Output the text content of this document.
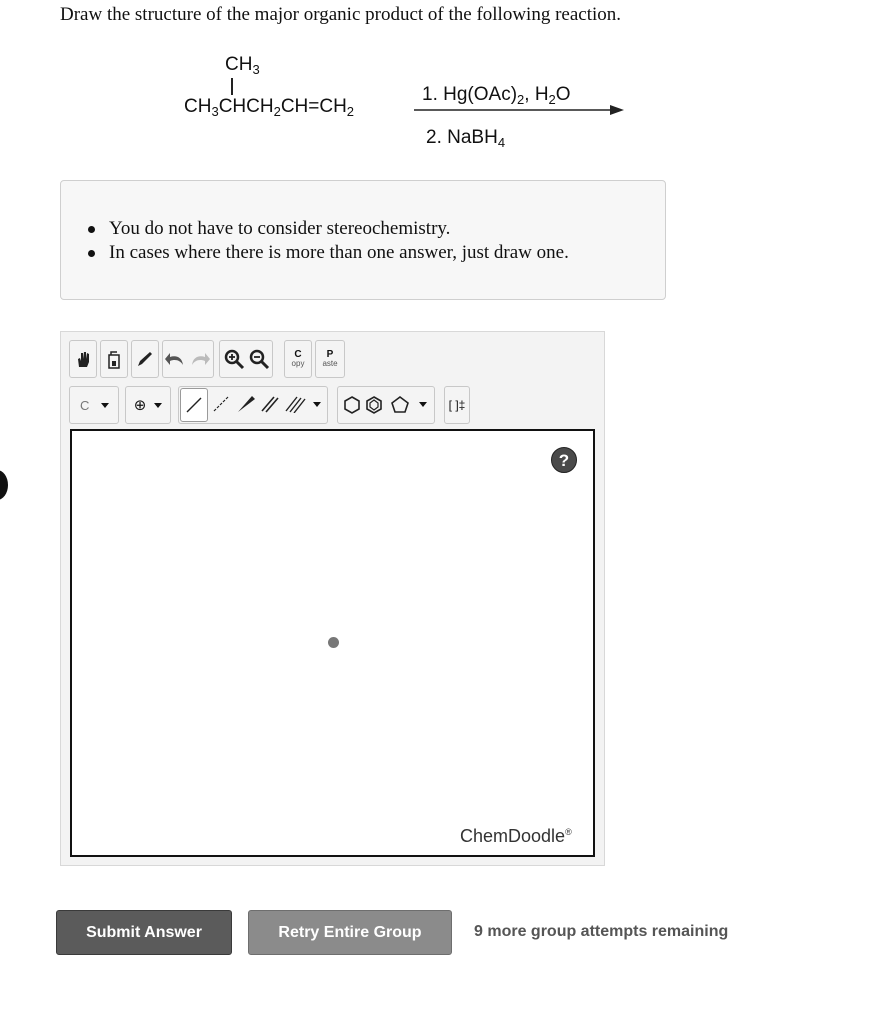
Draw the structure of the major organic product of the following reaction.
$CH_3$
$CH_3CHCH_2CH=CH_2$
1. $Hg(OAc)_2$, $H_2O$
2. NaBH$_4$
You do not have to consider stereochemistry.
In cases where there is more than one answer, just draw one.
C
opy
P
aste
C	⊕	[ ]‡
?
ChemDoodle®
Submit Answer	Retry Entire Group	9 more group attempts remaining
